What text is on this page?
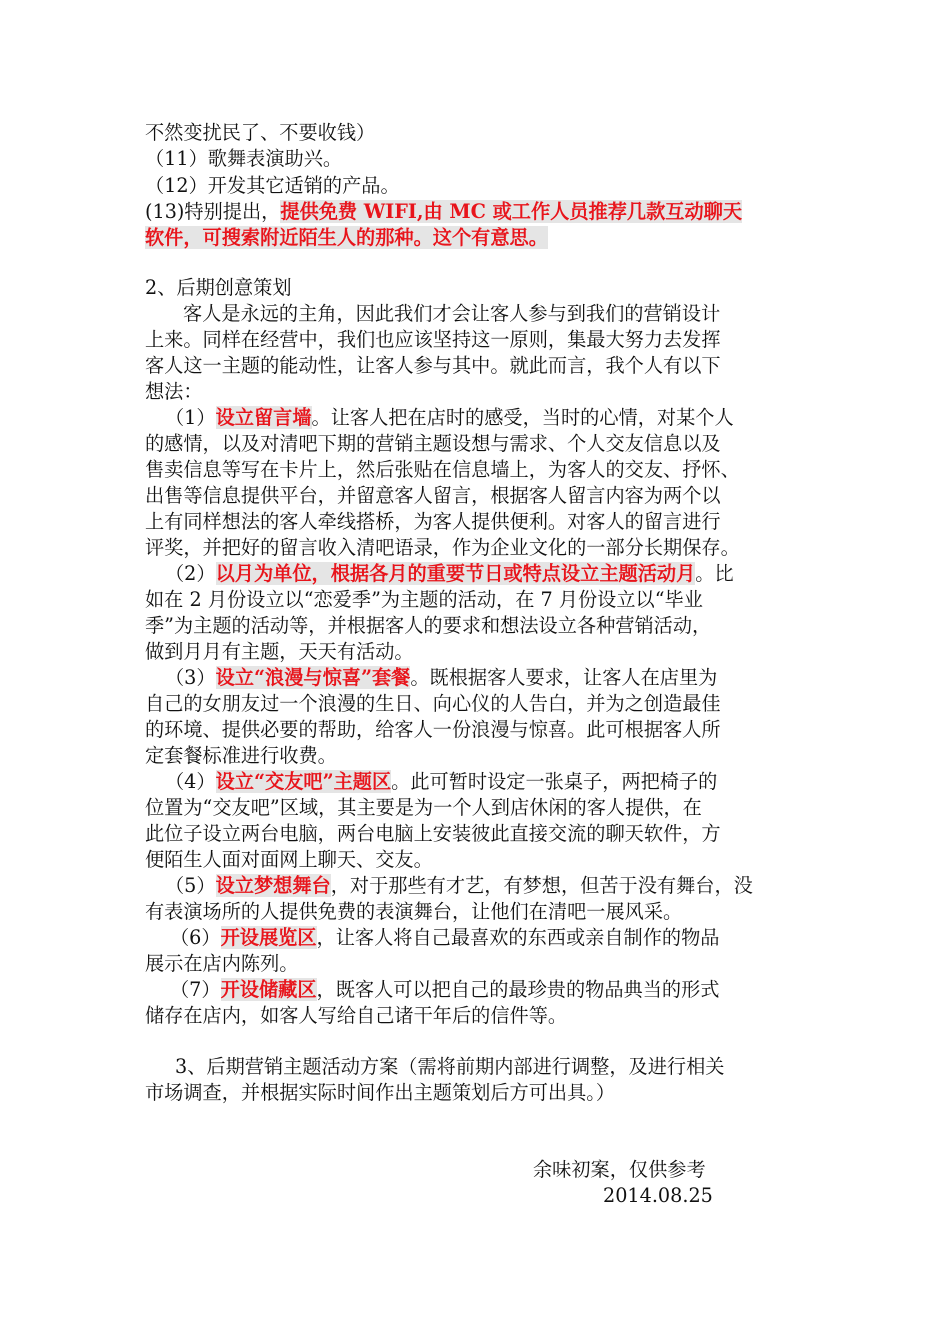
不然变扰民了、不要收钱）
（11）歌舞表演助兴。
（12）开发其它适销的产品。
(13)特别提出，提供免费 WIFI,由 MC 或工作人员推荐几款互动聊天
软件，可搜索附近陌生人的那种。这个有意思。
2、后期创意策划
客人是永远的主角，因此我们才会让客人参与到我们的营销设计
上来。同样在经营中，我们也应该坚持这一原则，集最大努力去发挥
客人这一主题的能动性，让客人参与其中。就此而言，我个人有以下
想法：
（1）设立留言墙。让客人把在店时的感受，当时的心情，对某个人
的感情，以及对清吧下期的营销主题设想与需求、个人交友信息以及
售卖信息等写在卡片上，然后张贴在信息墙上，为客人的交友、抒怀、
出售等信息提供平台，并留意客人留言，根据客人留言内容为两个以
上有同样想法的客人牵线搭桥，为客人提供便利。对客人的留言进行
评奖，并把好的留言收入清吧语录，作为企业文化的一部分长期保存。
（2）以月为单位，根据各月的重要节日或特点设立主题活动月。比
如在 2 月份设立以“恋爱季”为主题的活动，在 7 月份设立以“毕业
季”为主题的活动等，并根据客人的要求和想法设立各种营销活动，
做到月月有主题，天天有活动。
（3）设立“浪漫与惊喜”套餐。既根据客人要求，让客人在店里为
自己的女朋友过一个浪漫的生日、向心仪的人告白，并为之创造最佳
的环境、提供必要的帮助，给客人一份浪漫与惊喜。此可根据客人所
定套餐标准进行收费。
（4）设立“交友吧”主题区。此可暂时设定一张桌子，两把椅子的
位置为“交友吧”区域，其主要是为一个人到店休闲的客人提供，在
此位子设立两台电脑，两台电脑上安装彼此直接交流的聊天软件，方
便陌生人面对面网上聊天、交友。
（5）设立梦想舞台，对于那些有才艺，有梦想，但苦于没有舞台，没
有表演场所的人提供免费的表演舞台，让他们在清吧一展风采。
（6）开设展览区，让客人将自己最喜欢的东西或亲自制作的物品
展示在店内陈列。
（7）开设储藏区，既客人可以把自己的最珍贵的物品典当的形式
储存在店内，如客人写给自己诸干年后的信件等。
3、后期营销主题活动方案（需将前期内部进行调整，及进行相关
市场调查，并根据实际时间作出主题策划后方可出具。）
余味初案，仅供参考
2014.08.25
